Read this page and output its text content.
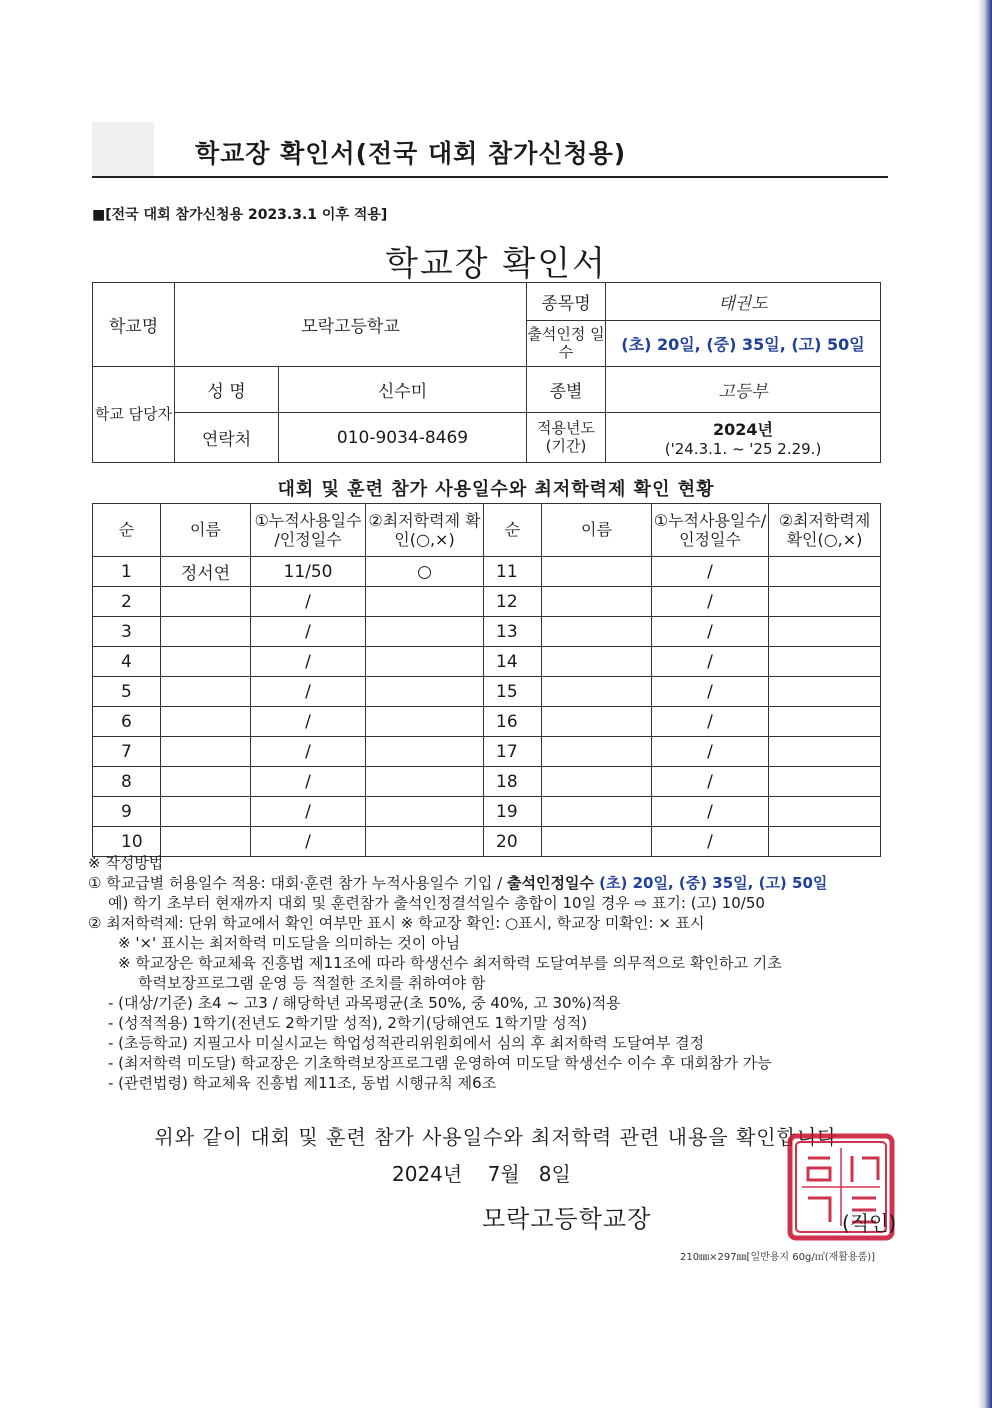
학교장 확인서(전국 대회 참가신청용)
■[전국 대회 참가신청용 2023.3.1 이후 적용]
학교장 확인서
학교명	모락고등학교		종목명	태권도
			출석인정 일수	(초) 20일, (중) 35일, (고) 50일
학교 담당자	성 명	신수미	종별	고등부
	연락처	010-9034-8469	적용년도 (기간)	2024년
('24.3.1. ~ '25 2.29.)
대회 및 훈련 참가 사용일수와 최저학력제 확인 현황
순	이름	①누적사용일수 /인정일수	②최저학력제 확인(○,×)	순	이름	①누적사용일수/ 인정일수	②최저학력제 확인(○,×)
1	정서연	11/50	○	11		/	
2		/		12		/	
3		/		13		/	
4		/		14		/	
5		/		15		/	
6		/		16		/	
7		/		17		/	
8		/		18		/	
9		/		19		/	
10		/		20		/	
※ 작성방법
① 학교급별 허용일수 적용: 대회·훈련 참가 누적사용일수 기입 / 출석인정일수 (초) 20일, (중) 35일, (고) 50일
예) 학기 초부터 현재까지 대회 및 훈련참가 출석인정결석일수 총합이 10일 경우 ⇨ 표기: (고) 10/50
② 최저학력제: 단위 학교에서 확인 여부만 표시 ※ 학교장 확인: ○표시, 학교장 미확인: × 표시
※ '×' 표시는 최저학력 미도달을 의미하는 것이 아님
※ 학교장은 학교체육 진흥법 제11조에 따라 학생선수 최저학력 도달여부를 의무적으로 확인하고 기초
학력보장프로그램 운영 등 적절한 조치를 취하여야 함
- (대상/기준) 초4 ~ 고3 / 해당학년 과목평균(초 50%, 중 40%, 고 30%)적용
- (성적적용) 1학기(전년도 2학기말 성적), 2학기(당해연도 1학기말 성적)
- (초등학교) 지필고사 미실시교는 학업성적관리위원회에서 심의 후 최저학력 도달여부 결정
- (최저학력 미도달) 학교장은 기초학력보장프로그램 운영하여 미도달 학생선수 이수 후 대회참가 가능
- (관련법령) 학교체육 진흥법 제11조, 동법 시행규칙 제6조
위와 같이 대회 및 훈련 참가 사용일수와 최저학력 관련 내용을 확인합니다
2024년 7월 8일
모락고등학교장	(직인)
210㎜×297㎜[일반용지 60g/㎡(재활용품)]
